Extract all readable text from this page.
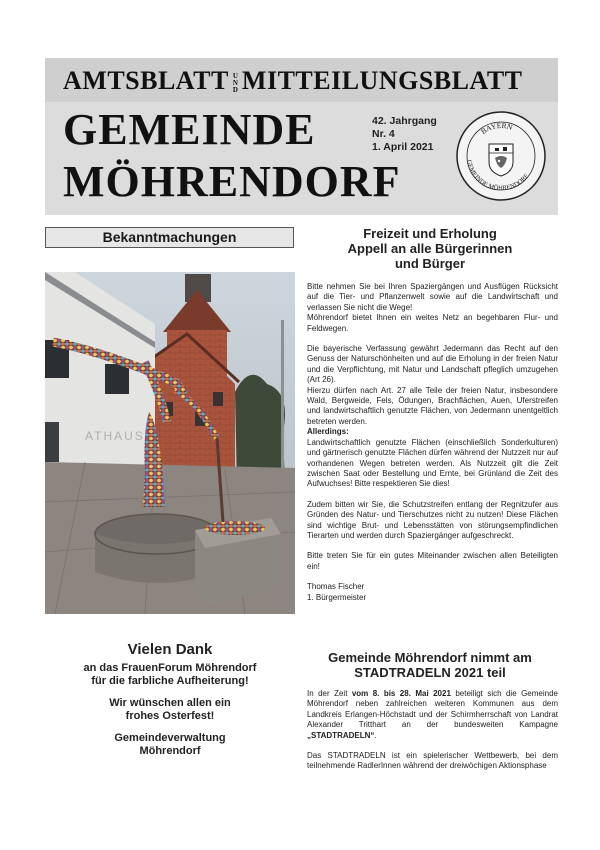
AMTSBLATT U
N
D MITTEILUNGSBLATT
GEMEINDE
MÖHRENDORF
42. Jahrgang
Nr. 4
1. April 2021
BAYERN
GEMEINDE MÖHRENDORF
Bekanntmachungen
ATHAUS
Vielen Dank
an das FrauenForum Möhrendorf
für die farbliche Aufheiterung!
Wir wünschen allen ein
frohes Osterfest!
Gemeindeverwaltung
Möhrendorf
Freizeit und Erholung
Appell an alle Bürgerinnen
und Bürger

Bitte nehmen Sie bei Ihren Spaziergängen und Ausflügen Rücksicht auf die Tier- und Pflanzenwelt sowie auf die Landwirtschaft und verlassen Sie nicht die Wege!
Möhrendorf bietet Ihnen ein weites Netz an begehbaren Flur- und Feldwegen.

Die bayerische Verfassung gewährt Jedermann das Recht auf den Genuss der Naturschönheiten und auf die Erholung in der freien Natur und die Verpflichtung, mit Natur und Landschaft pfleglich umzugehen (Art 26).
Hierzu dürfen nach Art. 27 alle Teile der freien Natur, insbesondere Wald, Bergweide, Fels, Ödungen, Brachflächen, Auen, Uferstreifen und landwirtschaftlich genutzte Flächen, von Jedermann unentgeltlich betreten werden.
Allerdings:
Landwirtschaftlich genutzte Flächen (einschließlich Sonderkulturen) und gärtnerisch genutzte Flächen dürfen während der Nutzzeit nur auf vorhandenen Wegen betreten werden. Als Nutzzeit gilt die Zeit zwischen Saat oder Bestellung und Ernte, bei Grünland die Zeit des Aufwuchses! Bitte respektieren Sie dies!

Zudem bitten wir Sie, die Schutzstreifen entlang der Regnitzufer aus Gründen des Natur- und Tierschutzes nicht zu nutzen! Diese Flächen sind wichtige Brut- und Lebensstätten von störungsempfindlichen Tierarten und werden durch Spaziergänger aufgeschreckt.

Bitte treten Sie für ein gutes Miteinander zwischen allen Beteiligten ein!

Thomas Fischer
1. Bürgermeister

Gemeinde Möhrendorf nimmt am
STADTRADELN 2021 teil

In der Zeit vom 8. bis 28. Mai 2021 beteiligt sich die Gemeinde Möhrendorf neben zahlreichen weiteren Kommunen aus dem Landkreis Erlangen-Höchstadt und der Schirmherrschaft von Landrat Alexander Tritthart an der bundesweiten Kampagne „STADTRADELN“.

Das STADTRADELN ist ein spielerischer Wettbewerb, bei dem teilnehmende RadlerInnen während der dreiwöchigen Aktionsphase
